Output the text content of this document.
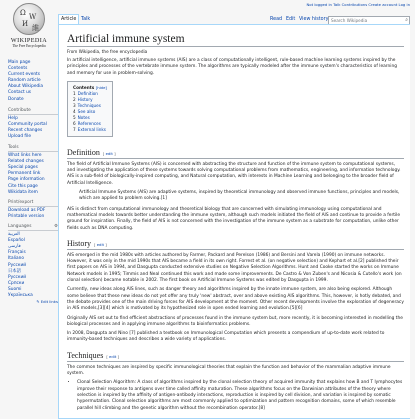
Ω W
И 維
WIKIPEDIA
The Free Encyclopedia
Main page
Contents
Current events
Random article
About Wikipedia
Contact us
Donate
Contribute
Help
Community portal
Recent changes
Upload file
Tools
What links here
Related changes
Special pages
Permanent link
Page information
Cite this page
Wikidata item
Print/export
Download as PDF
Printable version
Languages	⚙
العربية
Español
فارسی
Français
Italiano
Русский
日本語
Русский
Српски
Suomi
Українська
✎ Edit links
Not logged in Talk Contributions Create account Log in
Article Talk	Read Edit View history Search Wikipedia	⌕
Artificial immune system
From Wikipedia, the free encyclopedia

In artificial intelligence, artificial immune systems (AIS) are a class of computationally intelligent, rule-based machine learning systems inspired by the principles and processes of the vertebrate immune system. The algorithms are typically modeled after the immune system's characteristics of learning and memory for use in problem-solving.

Contents [hide]
1 Definition
2 History
3 Techniques
4 See also
5 Notes
6 References
7 External links
Definition [ edit ]

The field of Artificial Immune Systems (AIS) is concerned with abstracting the structure and function of the immune system to computational systems, and investigating the application of these systems towards solving computational problems from mathematics, engineering, and information technology. AIS is a sub-field of biologically-inspired computing, and Natural computation, with interests in Machine Learning and belonging to the broader field of Artificial Intelligence.

Artificial Immune Systems (AIS) are adaptive systems, inspired by theoretical immunology and observed immune functions, principles and models, which are applied to problem solving.[1]

AIS is distinct from computational immunology and theoretical biology that are concerned with simulating immunology using computational and mathematical models towards better understanding the immune system, although such models initiated the field of AIS and continue to provide a fertile ground for inspiration. Finally, the field of AIS is not concerned with the investigation of the immune system as a substrate for computation, unlike other fields such as DNA computing.

History [ edit ]

AIS emerged in the mid 1980s with articles authored by Farmer, Packard and Perelson (1986) and Bersini and Varela (1990) on immune networks. However, it was only in the mid 1990s that AIS became a field in its own right. Forrest et al. (on negative selection) and Kephart et al.[2] published their first papers on AIS in 1994, and Dasgupta conducted extensive studies on Negative Selection Algorithms. Hunt and Cooke started the works on Immune Network models in 1995; Timmis and Neal continued this work and made some improvements. De Castro & Von Zuben's and Nicosia & Cutello's work (on clonal selection) became notable in 2002. The first book on Artificial Immune Systems was edited by Dasgupta in 1999.

Currently, new ideas along AIS lines, such as danger theory and algorithms inspired by the innate immune system, are also being explored. Although some believe that these new ideas do not yet offer any truly 'new' abstract, over and above existing AIS algorithms. This, however, is hotly debated, and the debate provides one of the main driving forces for AIS development at the moment. Other recent developments involve the exploration of degeneracy in AIS models,[3][4] which is motivated by its hypothesized role in open ended learning and evolution.[5][6]

Originally AIS set out to find efficient abstractions of processes found in the immune system but, more recently, it is becoming interested in modelling the biological processes and in applying immune algorithms to bioinformatics problems.

In 2008, Dasgupta and Nino [7] published a textbook on Immunological Computation which presents a compendium of up-to-date work related to immunity-based techniques and describes a wide variety of applications.

Techniques [ edit ]

The common techniques are inspired by specific immunological theories that explain the function and behavior of the mammalian adaptive immune system.

• Clonal Selection Algorithm: A class of algorithms inspired by the clonal selection theory of acquired immunity that explains how B and T lymphocytes improve their response to antigens over time called affinity maturation. These algorithms focus on the Darwinian attributes of the theory where selection is inspired by the affinity of antigen-antibody interactions, reproduction is inspired by cell division, and variation is inspired by somatic hypermutation. Clonal selection algorithms are most commonly applied to optimization and pattern recognition domains, some of which resemble parallel hill climbing and the genetic algorithm without the recombination operator.[8]
